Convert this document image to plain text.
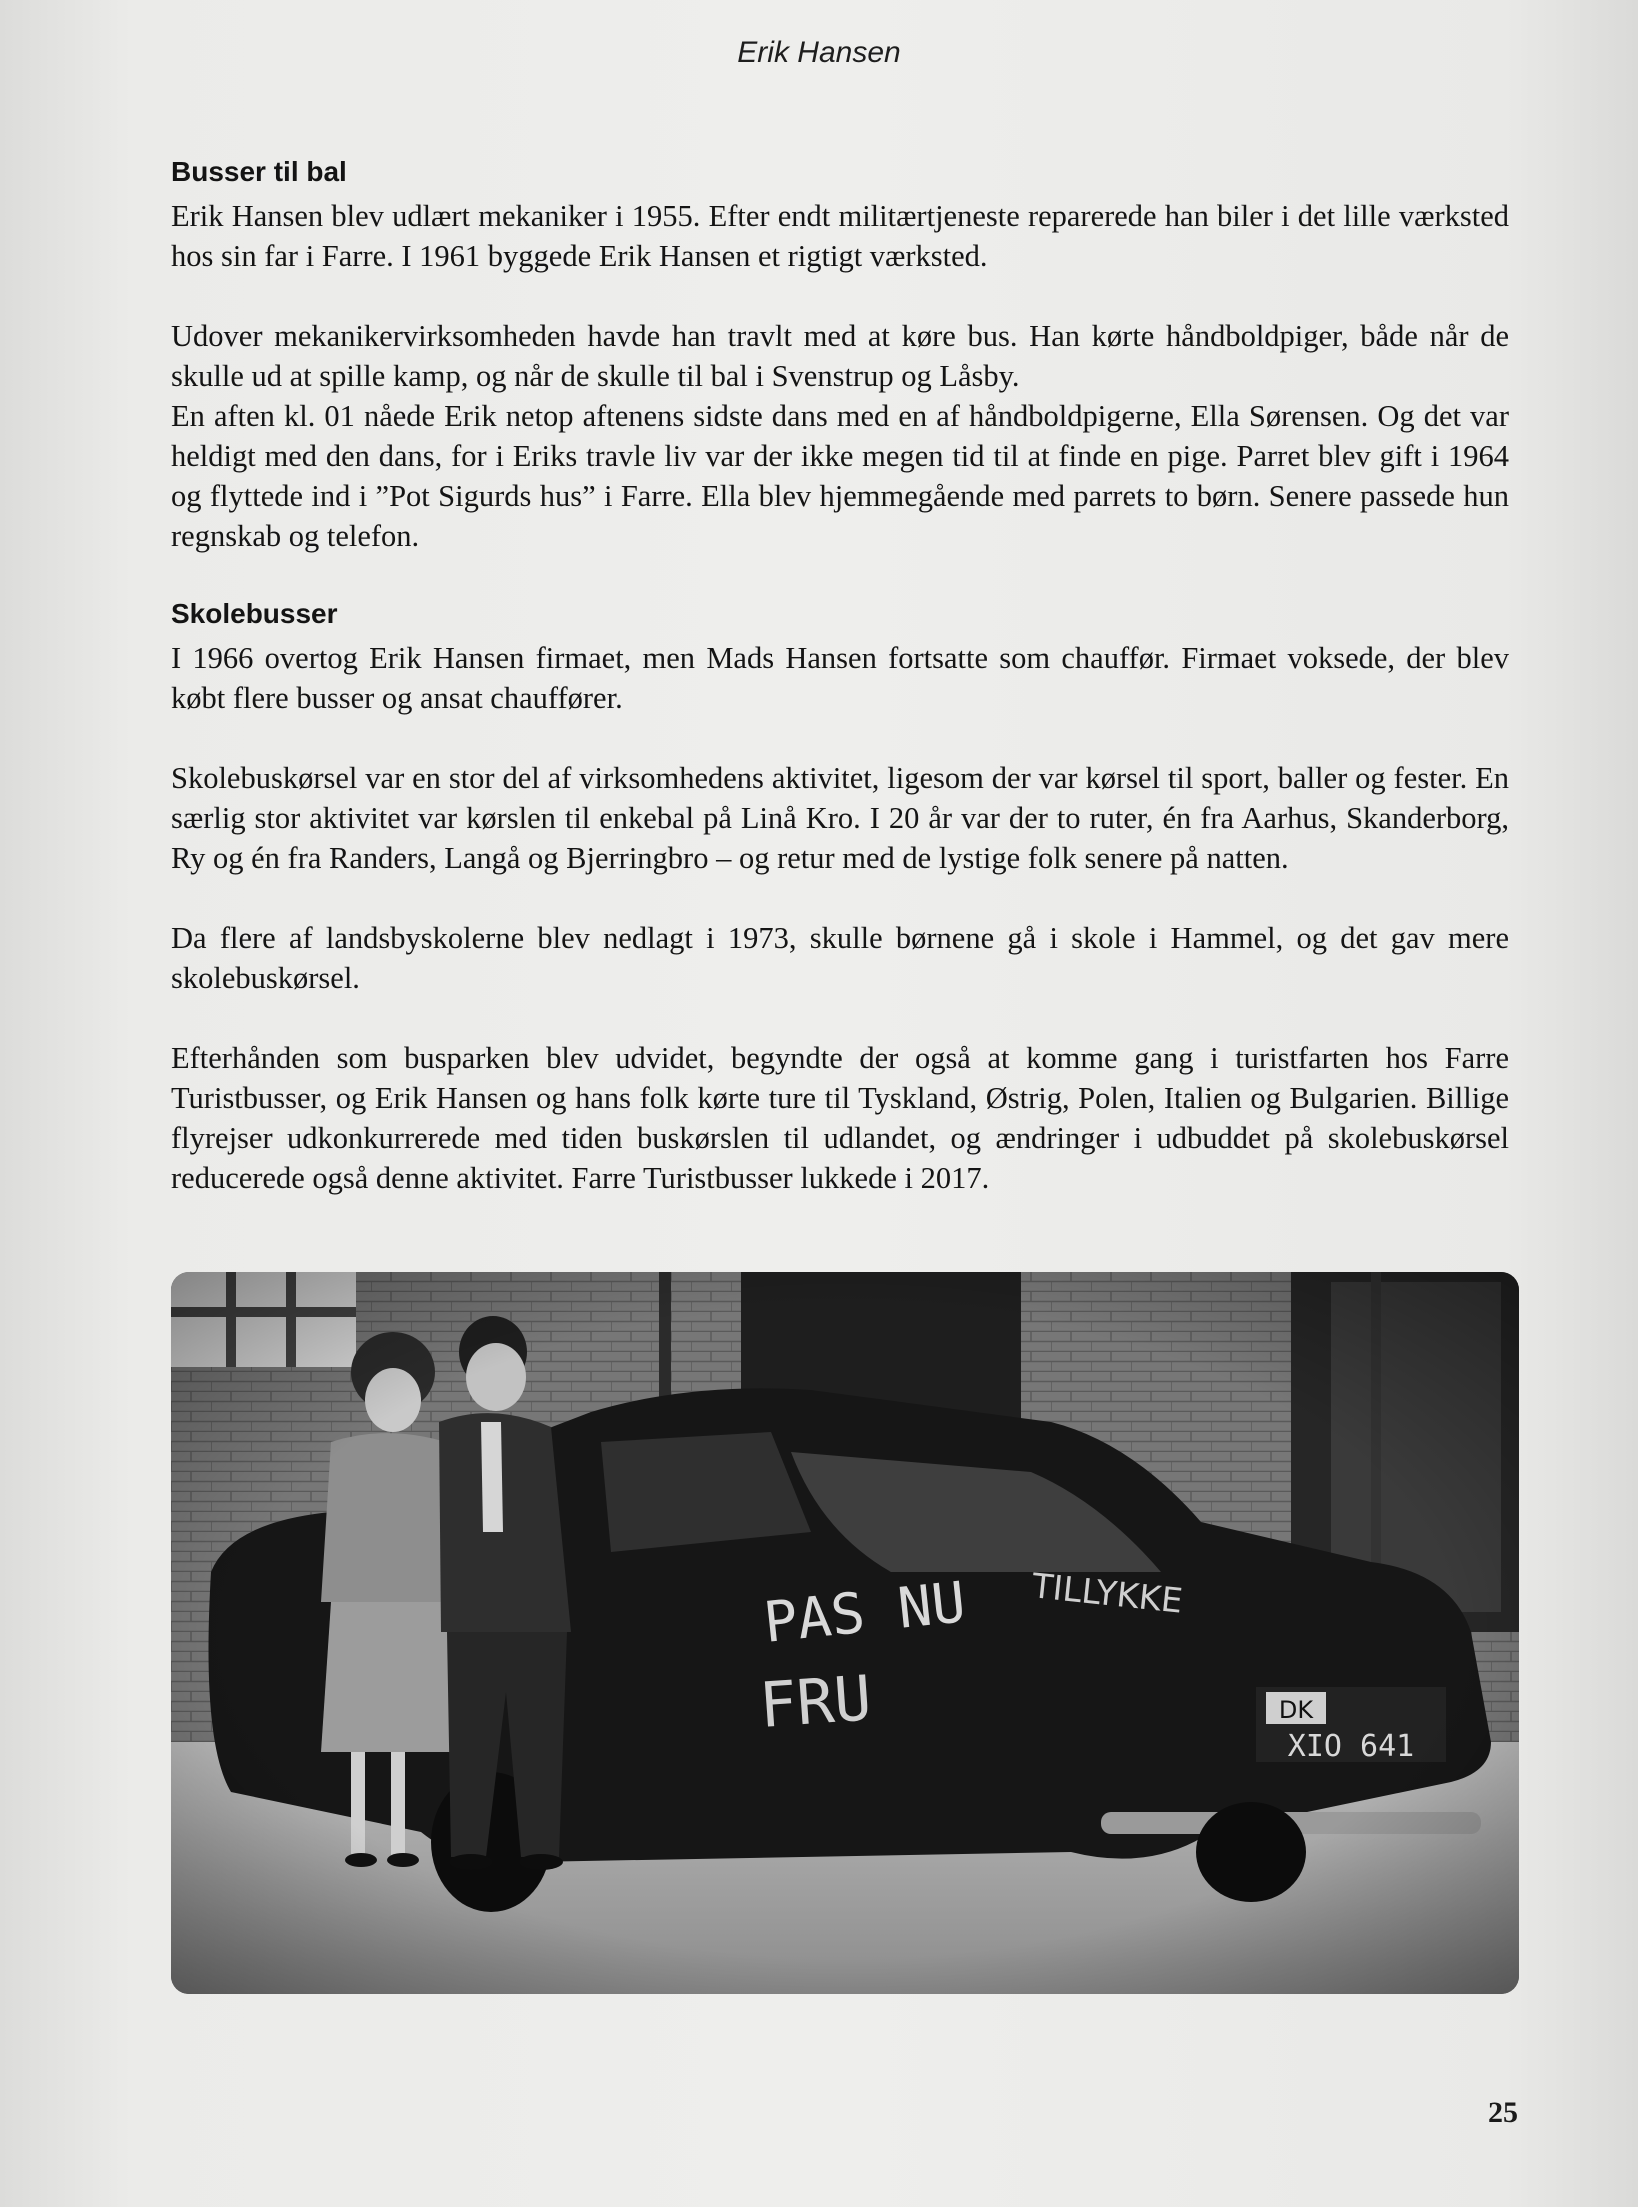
Erik Hansen
Busser til bal

Erik Hansen blev udlært mekaniker i 1955. Efter endt militærtjeneste reparerede han biler i det lille værksted hos sin far i Farre. I 1961 byggede Erik Hansen et rigtigt værksted.

Udover mekanikervirksomheden havde han travlt med at køre bus. Han kørte håndboldpiger, både når de skulle ud at spille kamp, og når de skulle til bal i Svenstrup og Låsby.

En aften kl. 01 nåede Erik netop aftenens sidste dans med en af håndboldpigerne, Ella Sørensen. Og det var heldigt med den dans, for i Eriks travle liv var der ikke megen tid til at finde en pige. Parret blev gift i 1964 og flyttede ind i ”Pot Sigurds hus” i Farre. Ella blev hjemmegående med parrets to børn. Senere passede hun regnskab og telefon.

Skolebusser

I 1966 overtog Erik Hansen firmaet, men Mads Hansen fortsatte som chauffør. Firmaet voksede, der blev købt flere busser og ansat chauffører.

Skolebuskørsel var en stor del af virksomhedens aktivitet, ligesom der var kørsel til sport, baller og fester. En særlig stor aktivitet var kørslen til enkebal på Linå Kro. I 20 år var der to ruter, én fra Aarhus, Skanderborg, Ry og én fra Randers, Langå og Bjerringbro – og retur med de lystige folk senere på natten.

Da flere af landsbyskolerne blev nedlagt i 1973, skulle børnene gå i skole i Hammel, og det gav mere skolebuskørsel.

Efterhånden som busparken blev udvidet, begyndte der også at komme gang i turistfarten hos Farre Turistbusser, og Erik Hansen og hans folk kørte ture til Tyskland, Østrig, Polen, Italien og Bulgarien. Billige flyrejser udkonkurrerede med tiden buskørslen til udlandet, og ændringer i udbuddet på skolebuskørsel reducerede også denne aktivitet. Farre Turistbusser lukkede i 2017.

25
